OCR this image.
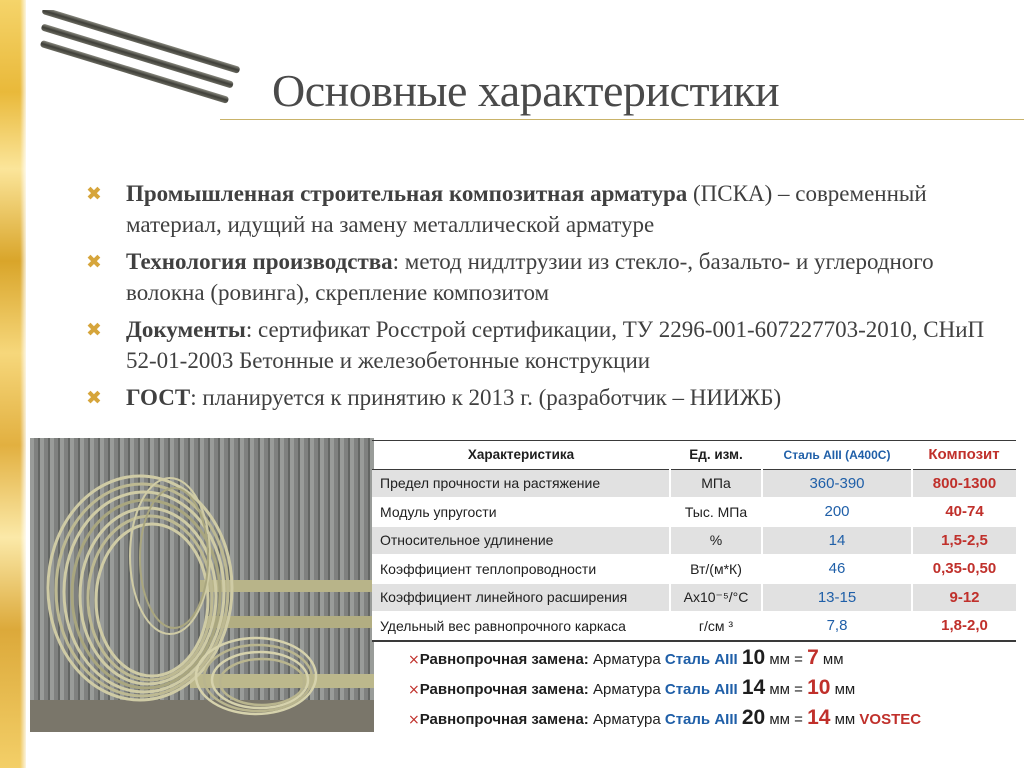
Основные характеристики
✖ Промышленная строительная композитная арматура (ПСКА) – современный материал, идущий на замену металлической арматуре
✖ Технология производства: метод нидлтрузии из стекло-, базальто- и углеродного волокна (ровинга), скрепление композитом
✖ Документы: сертификат Росстрой сертификации, ТУ 2296-001-607227703-2010, СНиП 52-01-2003 Бетонные и железобетонные конструкции
✖ ГОСТ: планируется к принятию к 2013 г. (разработчик – НИИЖБ)
Характеристика	Ед. изм.	Сталь AIII (А400С)	Композит
Предел прочности на растяжение	МПа	360-390	800-1300
Модуль упругости	Тыс. МПа	200	40-74
Относительное удлинение	%	14	1,5-2,5
Коэффициент теплопроводности	Вт/(м*К)	46	0,35-0,50
Коэффициент линейного расширения	Ах10⁻⁵/°С	13-15	9-12
Удельный вес равнопрочного каркаса	г/см ³	7,8	1,8-2,0
×Равнопрочная замена: Арматура Сталь AIII 10 мм = 7 мм
×Равнопрочная замена: Арматура Сталь AIII 14 мм = 10 мм
×Равнопрочная замена: Арматура Сталь AIII 20 мм = 14 мм VOSTEC
